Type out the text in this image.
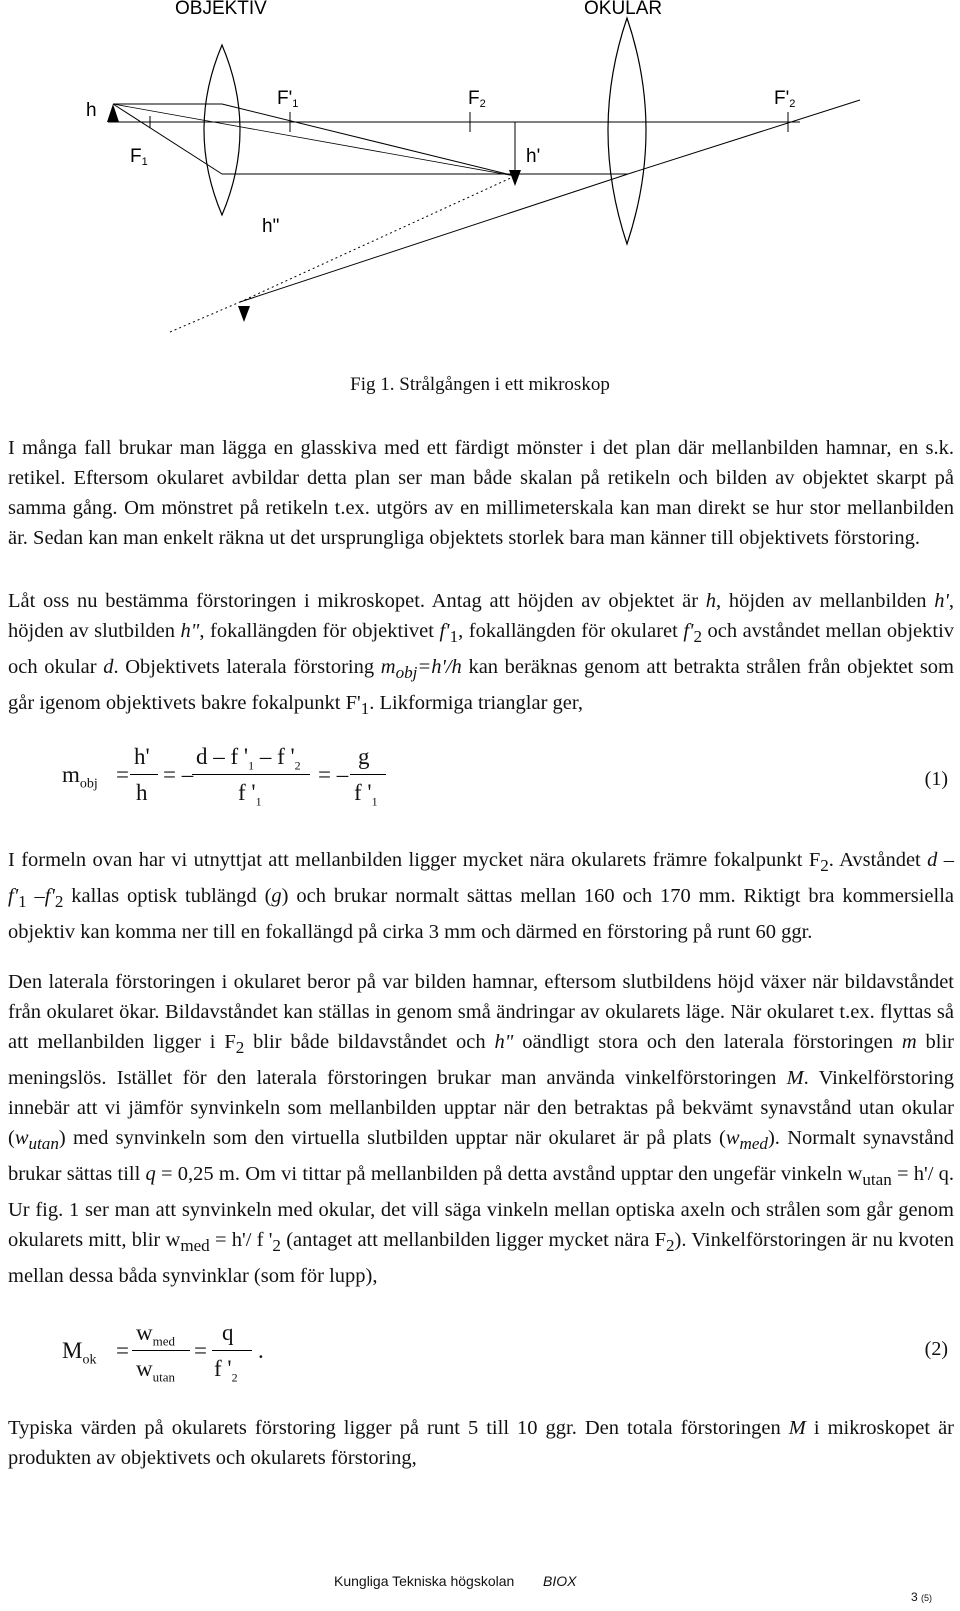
OBJEKTIV	OKULAR
h
$F'_1$	$F_2$	$F'_2$
$F_1$	h'
h"
Fig 1. Strålgången i ett mikroskop
I många fall brukar man lägga en glasskiva med ett färdigt mönster i det plan där mellanbilden hamnar, en s.k. retikel. Eftersom okularet avbildar detta plan ser man både skalan på retikeln och bilden av objektet skarpt på samma gång. Om mönstret på retikeln t.ex. utgörs av en millimeterskala kan man direkt se hur stor mellanbilden är. Sedan kan man enkelt räkna ut det ursprungliga objektets storlek bara man känner till objektivets förstoring.
Låt oss nu bestämma förstoringen i mikroskopet. Antag att höjden av objektet är h, höjden av mellanbilden h', höjden av slutbilden h", fokallängden för objektivet $f'_1$, fokallängden för okularet $f'_2$ och avståndet mellan objektiv och okular d. Objektivets laterala förstoring $m_{obj}=h'/h$ kan beräknas genom att betrakta strålen från objektet som går igenom objektivets bakre fokalpunkt $F'_1$. Likformiga trianglar ger,
$m_{obj}$ =
h'
h
= –
d – f '$_1$ – f '$_2$
f '$_1$
= –
g
f '$_1$
(1)
I formeln ovan har vi utnyttjat att mellanbilden ligger mycket nära okularets främre fokalpunkt $F_2$. Avståndet d – $f'_1$ $-f'_2$ kallas optisk tublängd (g) och brukar normalt sättas mellan 160 och 170 mm. Riktigt bra kommersiella objektiv kan komma ner till en fokallängd på cirka 3 mm och därmed en förstoring på runt 60 ggr.
Den laterala förstoringen i okularet beror på var bilden hamnar, eftersom slutbildens höjd växer när bildavståndet från okularet ökar. Bildavståndet kan ställas in genom små ändringar av okularets läge. När okularet t.ex. flyttas så att mellanbilden ligger i $F_2$ blir både bildavståndet och h" oändligt stora och den laterala förstoringen m blir meningslös. Istället för den laterala förstoringen brukar man använda vinkelförstoringen M. Vinkelförstoring innebär att vi jämför synvinkeln som mellanbilden upptar när den betraktas på bekvämt synavstånd utan okular $(w_{utan})$ med synvinkeln som den virtuella slutbilden upptar när okularet är på plats $(w_{med})$. Normalt synavstånd brukar sättas till q = 0,25 m. Om vi tittar på mellanbilden på detta avstånd upptar den ungefär vinkeln $w_{utan} = h'/$ q. Ur fig. 1 ser man att synvinkeln med okular, det vill säga vinkeln mellan optiska axeln och strålen som går genom okularets mitt, blir $w_{med} = h'/$ f '$_2$ (antaget att mellanbilden ligger mycket nära $F_2$). Vinkelförstoringen är nu kvoten mellan dessa båda synvinklar (som för lupp),
$M_{ok}$ =
$w_{med}$
$w_{utan}$
=
q
f '$_2$
.	(2)
Typiska värden på okularets förstoring ligger på runt 5 till 10 ggr. Den totala förstoringen M i mikroskopet är produkten av objektivets och okularets förstoring,
Kungliga Tekniska högskolan BIOX
3 (5)
